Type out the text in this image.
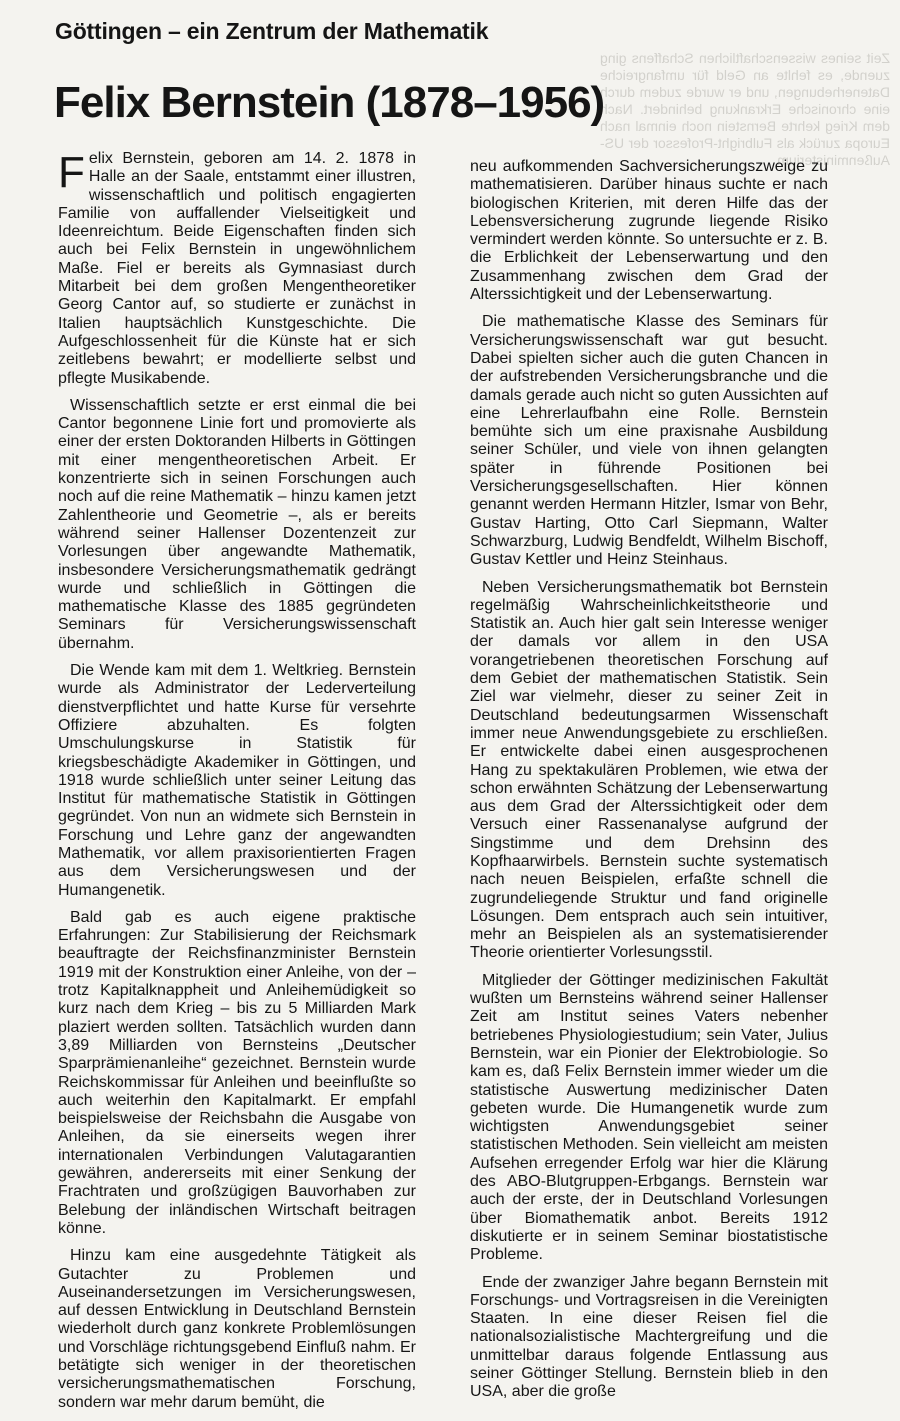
Zeit seines wissenschaftlichen Schaffens ging zuende, es fehlte an Geld für umfangreiche Datenerhebungen, und er wurde zudem durch eine chronische Erkrankung behindert. Nach dem Krieg kehrte Bernstein noch einmal nach Europa zurück als Fulbright-Professor der US-Außenministerium
Göttingen – ein Zentrum der Mathematik
Felix Bernstein (1878–1956)

Felix Bernstein, geboren am 14. 2. 1878 in Halle an der Saale, entstammt einer illustren, wissenschaftlich und politisch engagierten Familie von auffallender Vielseitigkeit und Ideenreichtum. Beide Eigenschaften finden sich auch bei Felix Bernstein in ungewöhnlichem Maße. Fiel er bereits als Gymnasiast durch Mitarbeit bei dem großen Mengentheoretiker Georg Cantor auf, so studierte er zunächst in Italien hauptsächlich Kunstgeschichte. Die Aufgeschlossenheit für die Künste hat er sich zeitlebens bewahrt; er modellierte selbst und pflegte Musikabende.

Wissenschaftlich setzte er erst einmal die bei Cantor begonnene Linie fort und promovierte als einer der ersten Doktoranden Hilberts in Göttingen mit einer mengentheoretischen Arbeit. Er konzentrierte sich in seinen Forschungen auch noch auf die reine Mathematik – hinzu kamen jetzt Zahlentheorie und Geometrie –, als er bereits während seiner Hallenser Dozentenzeit zur Vorlesungen über angewandte Mathematik, insbesondere Versicherungsmathematik gedrängt wurde und schließlich in Göttingen die mathematische Klasse des 1885 gegründeten Seminars für Versicherungswissenschaft übernahm.

Die Wende kam mit dem 1. Weltkrieg. Bernstein wurde als Administrator der Lederverteilung dienstverpflichtet und hatte Kurse für versehrte Offiziere abzuhalten. Es folgten Umschulungskurse in Statistik für kriegsbeschädigte Akademiker in Göttingen, und 1918 wurde schließlich unter seiner Leitung das Institut für mathematische Statistik in Göttingen gegründet. Von nun an widmete sich Bernstein in Forschung und Lehre ganz der angewandten Mathematik, vor allem praxisorientierten Fragen aus dem Versicherungswesen und der Humangenetik.

Bald gab es auch eigene praktische Erfahrungen: Zur Stabilisierung der Reichsmark beauftragte der Reichsfinanzminister Bernstein 1919 mit der Konstruktion einer Anleihe, von der – trotz Kapitalknappheit und Anleihemüdigkeit so kurz nach dem Krieg – bis zu 5 Milliarden Mark plaziert werden sollten. Tatsächlich wurden dann 3,89 Milliarden von Bernsteins „Deutscher Sparprämienanleihe“ gezeichnet. Bernstein wurde Reichskommissar für Anleihen und beeinflußte so auch weiterhin den Kapitalmarkt. Er empfahl beispielsweise der Reichsbahn die Ausgabe von Anleihen, da sie einerseits wegen ihrer internationalen Verbindungen Valutagarantien gewähren, andererseits mit einer Senkung der Frachtraten und großzügigen Bauvorhaben zur Belebung der inländischen Wirtschaft beitragen könne.

Hinzu kam eine ausgedehnte Tätigkeit als Gutachter zu Problemen und Auseinandersetzungen im Versicherungswesen, auf dessen Entwicklung in Deutschland Bernstein wiederholt durch ganz konkrete Problemlösungen und Vorschläge richtungsgebend Einfluß nahm. Er betätigte sich weniger in der theoretischen versicherungsmathematischen Forschung, sondern war mehr darum bemüht, die

neu aufkommenden Sachversicherungszweige zu mathematisieren. Darüber hinaus suchte er nach biologischen Kriterien, mit deren Hilfe das der Lebensversicherung zugrunde liegende Risiko vermindert werden könnte. So untersuchte er z. B. die Erblichkeit der Lebenserwartung und den Zusammenhang zwischen dem Grad der Alterssichtigkeit und der Lebenserwartung.

Die mathematische Klasse des Seminars für Versicherungswissenschaft war gut besucht. Dabei spielten sicher auch die guten Chancen in der aufstrebenden Versicherungsbranche und die damals gerade auch nicht so guten Aussichten auf eine Lehrerlaufbahn eine Rolle. Bernstein bemühte sich um eine praxisnahe Ausbildung seiner Schüler, und viele von ihnen gelangten später in führende Positionen bei Versicherungsgesellschaften. Hier können genannt werden Hermann Hitzler, Ismar von Behr, Gustav Harting, Otto Carl Siepmann, Walter Schwarzburg, Ludwig Bendfeldt, Wilhelm Bischoff, Gustav Kettler und Heinz Steinhaus.

Neben Versicherungsmathematik bot Bernstein regelmäßig Wahrscheinlichkeitstheorie und Statistik an. Auch hier galt sein Interesse weniger der damals vor allem in den USA vorangetriebenen theoretischen Forschung auf dem Gebiet der mathematischen Statistik. Sein Ziel war vielmehr, dieser zu seiner Zeit in Deutschland bedeutungsarmen Wissenschaft immer neue Anwendungsgebiete zu erschließen. Er entwickelte dabei einen ausgesprochenen Hang zu spektakulären Problemen, wie etwa der schon erwähnten Schätzung der Lebenserwartung aus dem Grad der Alterssichtigkeit oder dem Versuch einer Rassenanalyse aufgrund der Singstimme und dem Drehsinn des Kopfhaarwirbels. Bernstein suchte systematisch nach neuen Beispielen, erfaßte schnell die zugrundeliegende Struktur und fand originelle Lösungen. Dem entsprach auch sein intuitiver, mehr an Beispielen als an systematisierender Theorie orientierter Vorlesungsstil.

Mitglieder der Göttinger medizinischen Fakultät wußten um Bernsteins während seiner Hallenser Zeit am Institut seines Vaters nebenher betriebenes Physiologiestudium; sein Vater, Julius Bernstein, war ein Pionier der Elektrobiologie. So kam es, daß Felix Bernstein immer wieder um die statistische Auswertung medizinischer Daten gebeten wurde. Die Humangenetik wurde zum wichtigsten Anwendungsgebiet seiner statistischen Methoden. Sein vielleicht am meisten Aufsehen erregender Erfolg war hier die Klärung des ABO-Blutgruppen-Erbgangs. Bernstein war auch der erste, der in Deutschland Vorlesungen über Biomathematik anbot. Bereits 1912 diskutierte er in seinem Seminar biostatistische Probleme.

Ende der zwanziger Jahre begann Bernstein mit Forschungs- und Vortragsreisen in die Vereinigten Staaten. In eine dieser Reisen fiel die nationalsozialistische Machtergreifung und die unmittelbar daraus folgende Entlassung aus seiner Göttinger Stellung. Bernstein blieb in den USA, aber die große
